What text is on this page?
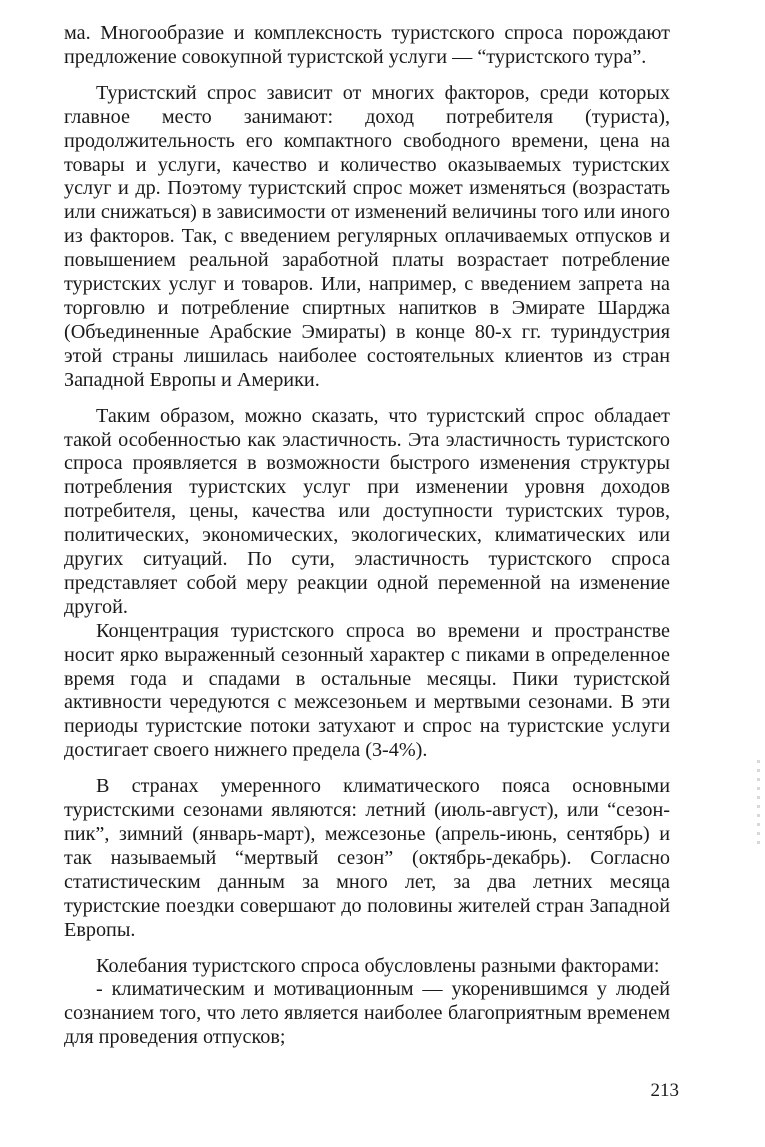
ма. Многообразие и комплексность туристского спроса порождают предложение совокупной туристской услуги — “туристского тура”.

Туристский спрос зависит от многих факторов, среди которых главное место занимают: доход потребителя (туриста), продолжительность его компактного свободного времени, цена на товары и услуги, качество и количество оказываемых туристских услуг и др. Поэтому туристский спрос может изменяться (возрастать или снижаться) в зависимости от изменений величины того или иного из факторов. Так, с введением регулярных оплачиваемых отпусков и повышением реальной заработной платы возрастает потребление туристских услуг и товаров. Или, например, с введением запрета на торговлю и потребление спиртных напитков в Эмирате Шарджа (Объединенные Арабские Эмираты) в конце 80-х гг. туриндустрия этой страны лишилась наиболее состоятельных клиентов из стран Западной Европы и Америки.

Таким образом, можно сказать, что туристский спрос обладает такой особенностью как эластичность. Эта эластичность туристского спроса проявляется в возможности быстрого изменения структуры потребления туристских услуг при изменении уровня доходов потребителя, цены, качества или доступности туристских туров, политических, экономических, экологических, климатических или других ситуаций. По сути, эластичность туристского спроса представляет собой меру реакции одной переменной на изменение другой.

Концентрация туристского спроса во времени и пространстве носит ярко выраженный сезонный характер с пиками в определенное время года и спадами в остальные месяцы. Пики туристской активности чередуются с межсезоньем и мертвыми сезонами. В эти периоды туристские потоки затухают и спрос на туристские услуги достигает своего нижнего предела (3-4%).

В странах умеренного климатического пояса основными туристскими сезонами являются: летний (июль-август), или “сезон-пик”, зимний (январь-март), межсезонье (апрель-июнь, сентябрь) и так называемый “мертвый сезон” (октябрь-декабрь). Согласно статистическим данным за много лет, за два летних месяца туристские поездки совершают до половины жителей стран Западной Европы.

Колебания туристского спроса обусловлены разными факторами:

- климатическим и мотивационным — укоренившимся у людей сознанием того, что лето является наиболее благоприятным временем для проведения отпусков;

213
